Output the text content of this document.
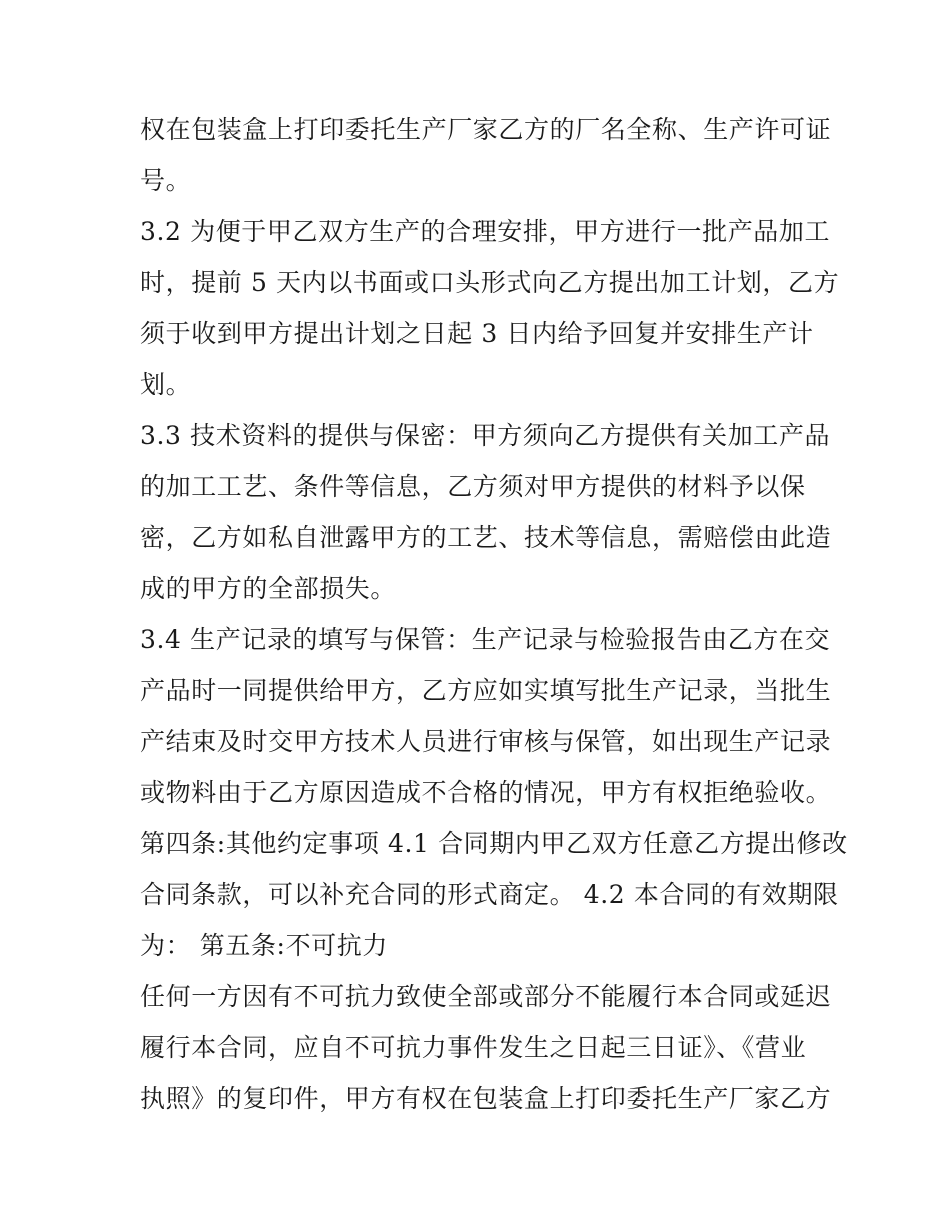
权在包装盒上打印委托生产厂家乙方的厂名全称、生产许可证
号。
3.2 为便于甲乙双方生产的合理安排，甲方进行一批产品加工
时，提前 5 天内以书面或口头形式向乙方提出加工计划，乙方
须于收到甲方提出计划之日起 3 日内给予回复并安排生产计
划。
3.3 技术资料的提供与保密：甲方须向乙方提供有关加工产品
的加工工艺、条件等信息，乙方须对甲方提供的材料予以保
密，乙方如私自泄露甲方的工艺、技术等信息，需赔偿由此造
成的甲方的全部损失。
3.4 生产记录的填写与保管：生产记录与检验报告由乙方在交
产品时一同提供给甲方，乙方应如实填写批生产记录，当批生
产结束及时交甲方技术人员进行审核与保管，如出现生产记录
或物料由于乙方原因造成不合格的情况，甲方有权拒绝验收。
第四条:其他约定事项 4.1 合同期内甲乙双方任意乙方提出修改
合同条款，可以补充合同的形式商定。 4.2 本合同的有效期限
为： 第五条:不可抗力
任何一方因有不可抗力致使全部或部分不能履行本合同或延迟
履行本合同，应自不可抗力事件发生之日起三日证》、《营业
执照》的复印件，甲方有权在包装盒上打印委托生产厂家乙方
